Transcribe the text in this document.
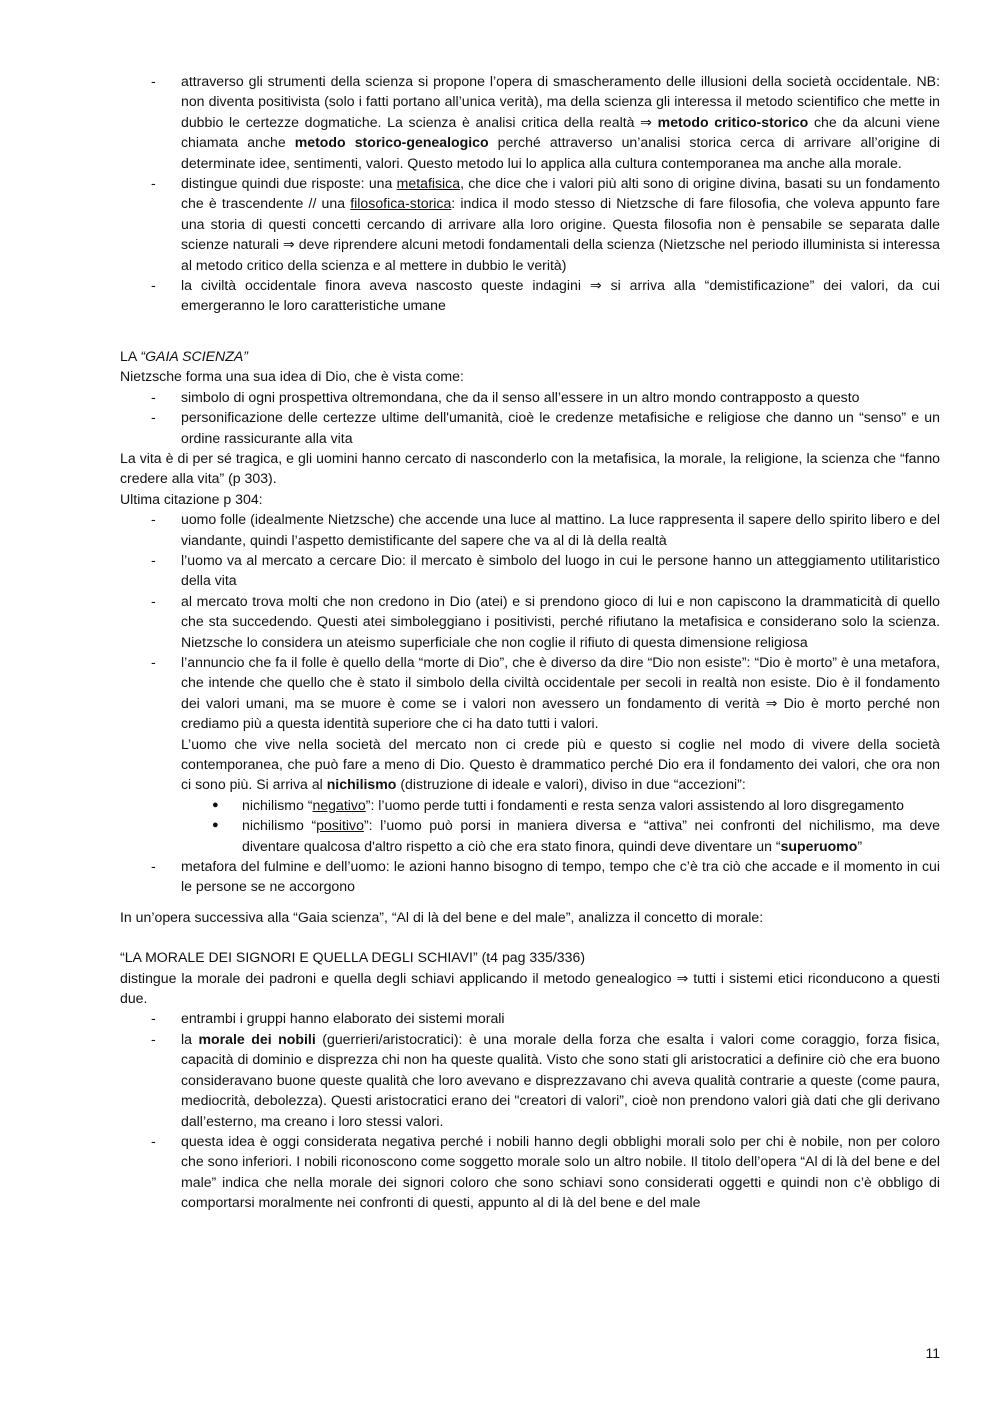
- attraverso gli strumenti della scienza si propone l’opera di smascheramento delle illusioni della società occidentale. NB: non diventa positivista (solo i fatti portano all’unica verità), ma della scienza gli interessa il metodo scientifico che mette in dubbio le certezze dogmatiche. La scienza è analisi critica della realtà ⇒ metodo critico-storico che da alcuni viene chiamata anche metodo storico-genealogico perché attraverso un’analisi storica cerca di arrivare all’origine di determinate idee, sentimenti, valori. Questo metodo lui lo applica alla cultura contemporanea ma anche alla morale.

- distingue quindi due risposte: una metafisica, che dice che i valori più alti sono di origine divina, basati su un fondamento che è trascendente // una filosofica-storica: indica il modo stesso di Nietzsche di fare filosofia, che voleva appunto fare una storia di questi concetti cercando di arrivare alla loro origine. Questa filosofia non è pensabile se separata dalle scienze naturali ⇒ deve riprendere alcuni metodi fondamentali della scienza (Nietzsche nel periodo illuminista si interessa al metodo critico della scienza e al mettere in dubbio le verità)

- la civiltà occidentale finora aveva nascosto queste indagini ⇒ si arriva alla “demistificazione” dei valori, da cui emergeranno le loro caratteristiche umane

LA “GAIA SCIENZA”

Nietzsche forma una sua idea di Dio, che è vista come:

- simbolo di ogni prospettiva oltremondana, che da il senso all’essere in un altro mondo contrapposto a questo

- personificazione delle certezze ultime dell'umanità, cioè le credenze metafisiche e religiose che danno un “senso” e un ordine rassicurante alla vita

La vita è di per sé tragica, e gli uomini hanno cercato di nasconderlo con la metafisica, la morale, la religione, la scienza che “fanno credere alla vita” (p 303).

Ultima citazione p 304:

- uomo folle (idealmente Nietzsche) che accende una luce al mattino. La luce rappresenta il sapere dello spirito libero e del viandante, quindi l’aspetto demistificante del sapere che va al di là della realtà

- l’uomo va al mercato a cercare Dio: il mercato è simbolo del luogo in cui le persone hanno un atteggiamento utilitaristico della vita

- al mercato trova molti che non credono in Dio (atei) e si prendono gioco di lui e non capiscono la drammaticità di quello che sta succedendo. Questi atei simboleggiano i positivisti, perché rifiutano la metafisica e considerano solo la scienza. Nietzsche lo considera un ateismo superficiale che non coglie il rifiuto di questa dimensione religiosa

- l’annuncio che fa il folle è quello della “morte di Dio”, che è diverso da dire “Dio non esiste”: “Dio è morto” è una metafora, che intende che quello che è stato il simbolo della civiltà occidentale per secoli in realtà non esiste. Dio è il fondamento dei valori umani, ma se muore è come se i valori non avessero un fondamento di verità ⇒ Dio è morto perché non crediamo più a questa identità superiore che ci ha dato tutti i valori.

L’uomo che vive nella società del mercato non ci crede più e questo si coglie nel modo di vivere della società contemporanea, che può fare a meno di Dio. Questo è drammatico perché Dio era il fondamento dei valori, che ora non ci sono più. Si arriva al nichilismo (distruzione di ideale e valori), diviso in due “accezioni”:

● nichilismo “negativo”: l’uomo perde tutti i fondamenti e resta senza valori assistendo al loro disgregamento

● nichilismo “positivo”: l’uomo può porsi in maniera diversa e “attiva” nei confronti del nichilismo, ma deve diventare qualcosa d'altro rispetto a ciò che era stato finora, quindi deve diventare un “superuomo”

- metafora del fulmine e dell’uomo: le azioni hanno bisogno di tempo, tempo che c’è tra ciò che accade e il momento in cui le persone se ne accorgono

In un’opera successiva alla “Gaia scienza”, “Al di là del bene e del male”, analizza il concetto di morale:

“LA MORALE DEI SIGNORI E QUELLA DEGLI SCHIAVI” (t4 pag 335/336)

distingue la morale dei padroni e quella degli schiavi applicando il metodo genealogico ⇒ tutti i sistemi etici riconducono a questi due.

- entrambi i gruppi hanno elaborato dei sistemi morali

- la morale dei nobili (guerrieri/aristocratici): è una morale della forza che esalta i valori come coraggio, forza fisica, capacità di dominio e disprezza chi non ha queste qualità. Visto che sono stati gli aristocratici a definire ciò che era buono consideravano buone queste qualità che loro avevano e disprezzavano chi aveva qualità contrarie a queste (come paura, mediocrità, debolezza). Questi aristocratici erano dei "creatori di valori”, cioè non prendono valori già dati che gli derivano dall’esterno, ma creano i loro stessi valori.

- questa idea è oggi considerata negativa perché i nobili hanno degli obblighi morali solo per chi è nobile, non per coloro che sono inferiori. I nobili riconoscono come soggetto morale solo un altro nobile. Il titolo dell’opera “Al di là del bene e del male” indica che nella morale dei signori coloro che sono schiavi sono considerati oggetti e quindi non c’è obbligo di comportarsi moralmente nei confronti di questi, appunto al di là del bene e del male

11
